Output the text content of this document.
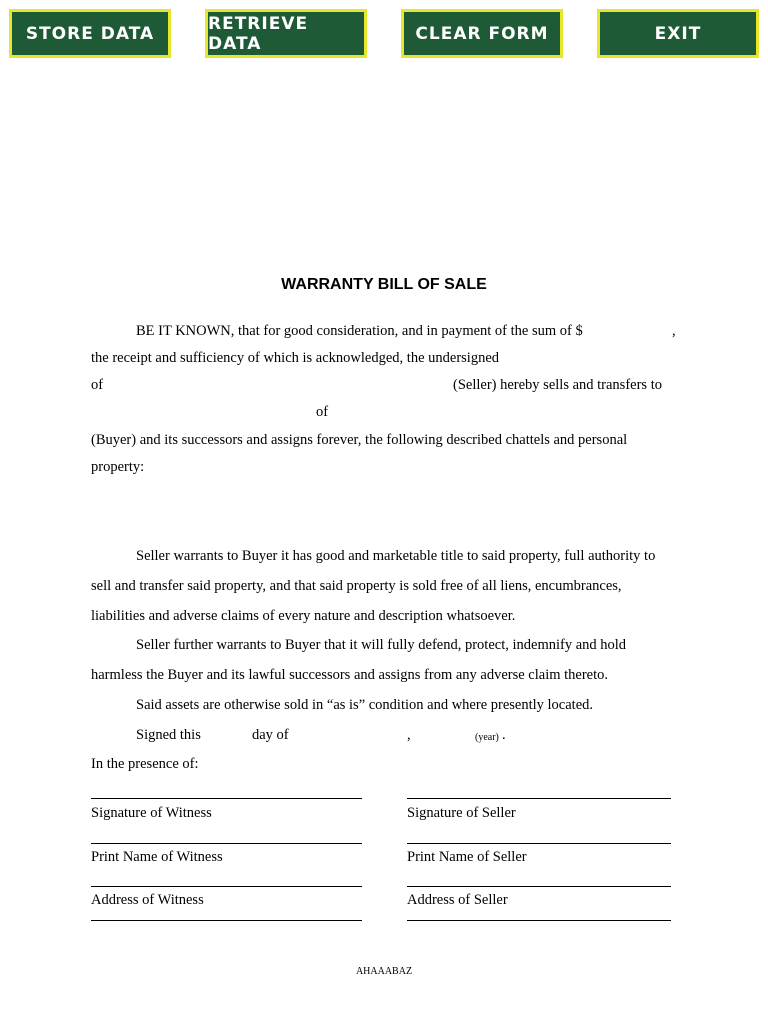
STORE DATA	RETRIEVE DATA	CLEAR FORM	EXIT
WARRANTY BILL OF SALE
BE IT KNOWN, that for good consideration, and in payment of the sum of $	,
the receipt and sufficiency of which is acknowledged, the undersigned
of	(Seller) hereby sells and transfers to
of
(Buyer) and its successors and assigns forever, the following described chattels and personal
property:
Seller warrants to Buyer it has good and marketable title to said property, full authority to
sell and transfer said property, and that said property is sold free of all liens, encumbrances,
liabilities and adverse claims of every nature and description whatsoever.
Seller further warrants to Buyer that it will fully defend, protect, indemnify and hold
harmless the Buyer and its lawful successors and assigns from any adverse claim thereto.
Said assets are otherwise sold in “as is” condition and where presently located.
Signed this	day of	,	(year) .
In the presence of:
Signature of Witness	Signature of Seller
Print Name of Witness	Print Name of Seller
Address of Witness	Address of Seller
AHAAABAZ
